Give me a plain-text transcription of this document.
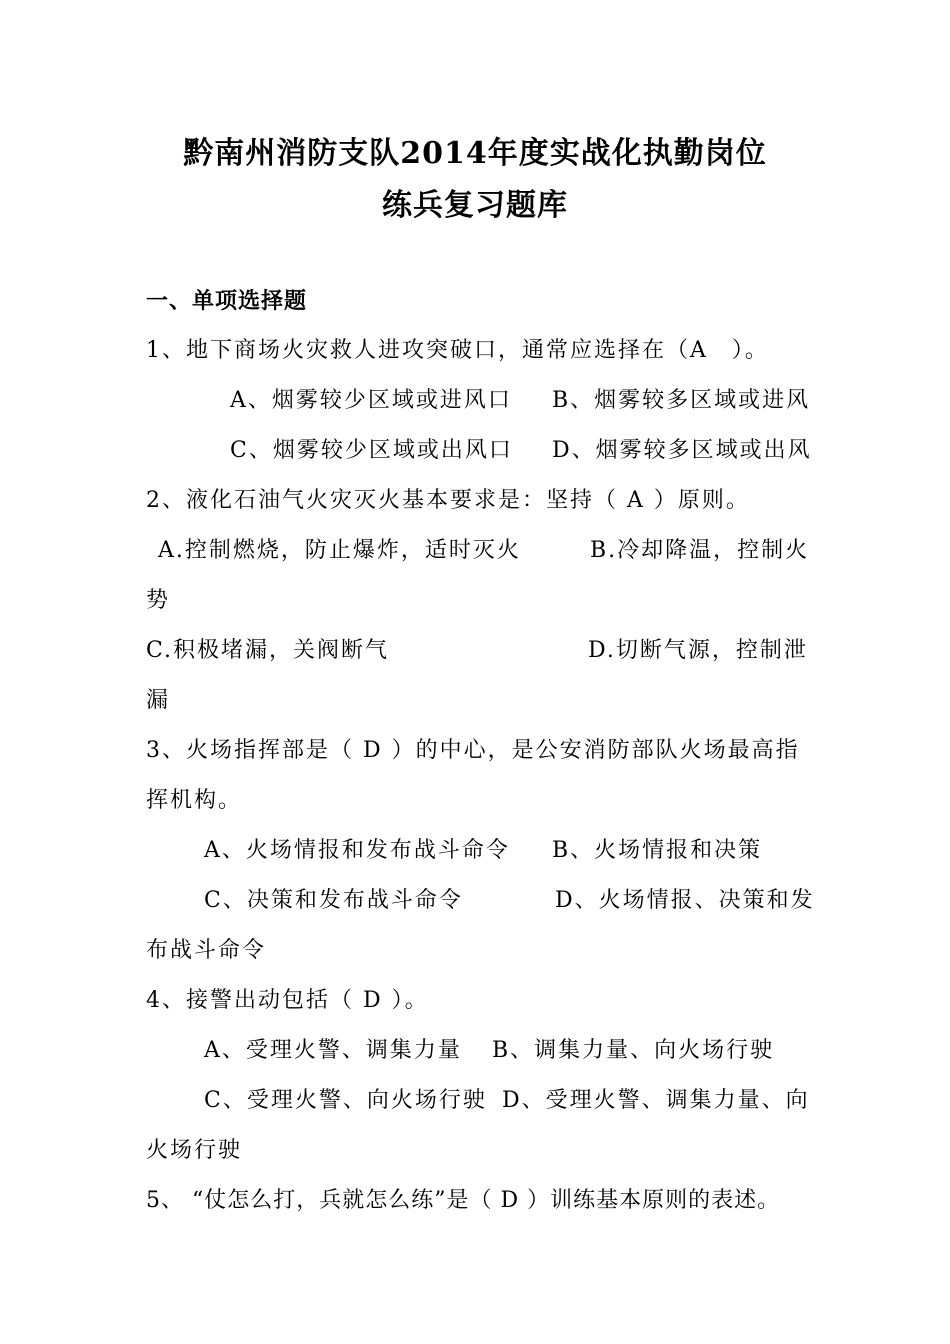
黔南州消防支队2014年度实战化执勤岗位
练兵复习题库
一、单项选择题
1、地下商场火灾救人进攻突破口，通常应选择在（A　）。
A、烟雾较少区域或进风口 B、烟雾较多区域或进风
C、烟雾较少区域或出风口 D、烟雾较多区域或出风
2、液化石油气火灾灭火基本要求是：坚持（ A ）原则。
A.控制燃烧，防止爆炸，适时灭火	B.冷却降温，控制火
势
C.积极堵漏，关阀断气	D.切断气源，控制泄
漏
3、火场指挥部是（ D ）的中心，是公安消防部队火场最高指
挥机构。
A、火场情报和发布战斗命令 B、火场情报和决策
C、决策和发布战斗命令	D、火场情报、决策和发
布战斗命令
4、接警出动包括（ D ）。
A、受理火警、调集力量 B、调集力量、向火场行驶
C、受理火警、向火场行驶 D、受理火警、调集力量、向
火场行驶
5、 “仗怎么打，兵就怎么练”是（ D ）训练基本原则的表述。
